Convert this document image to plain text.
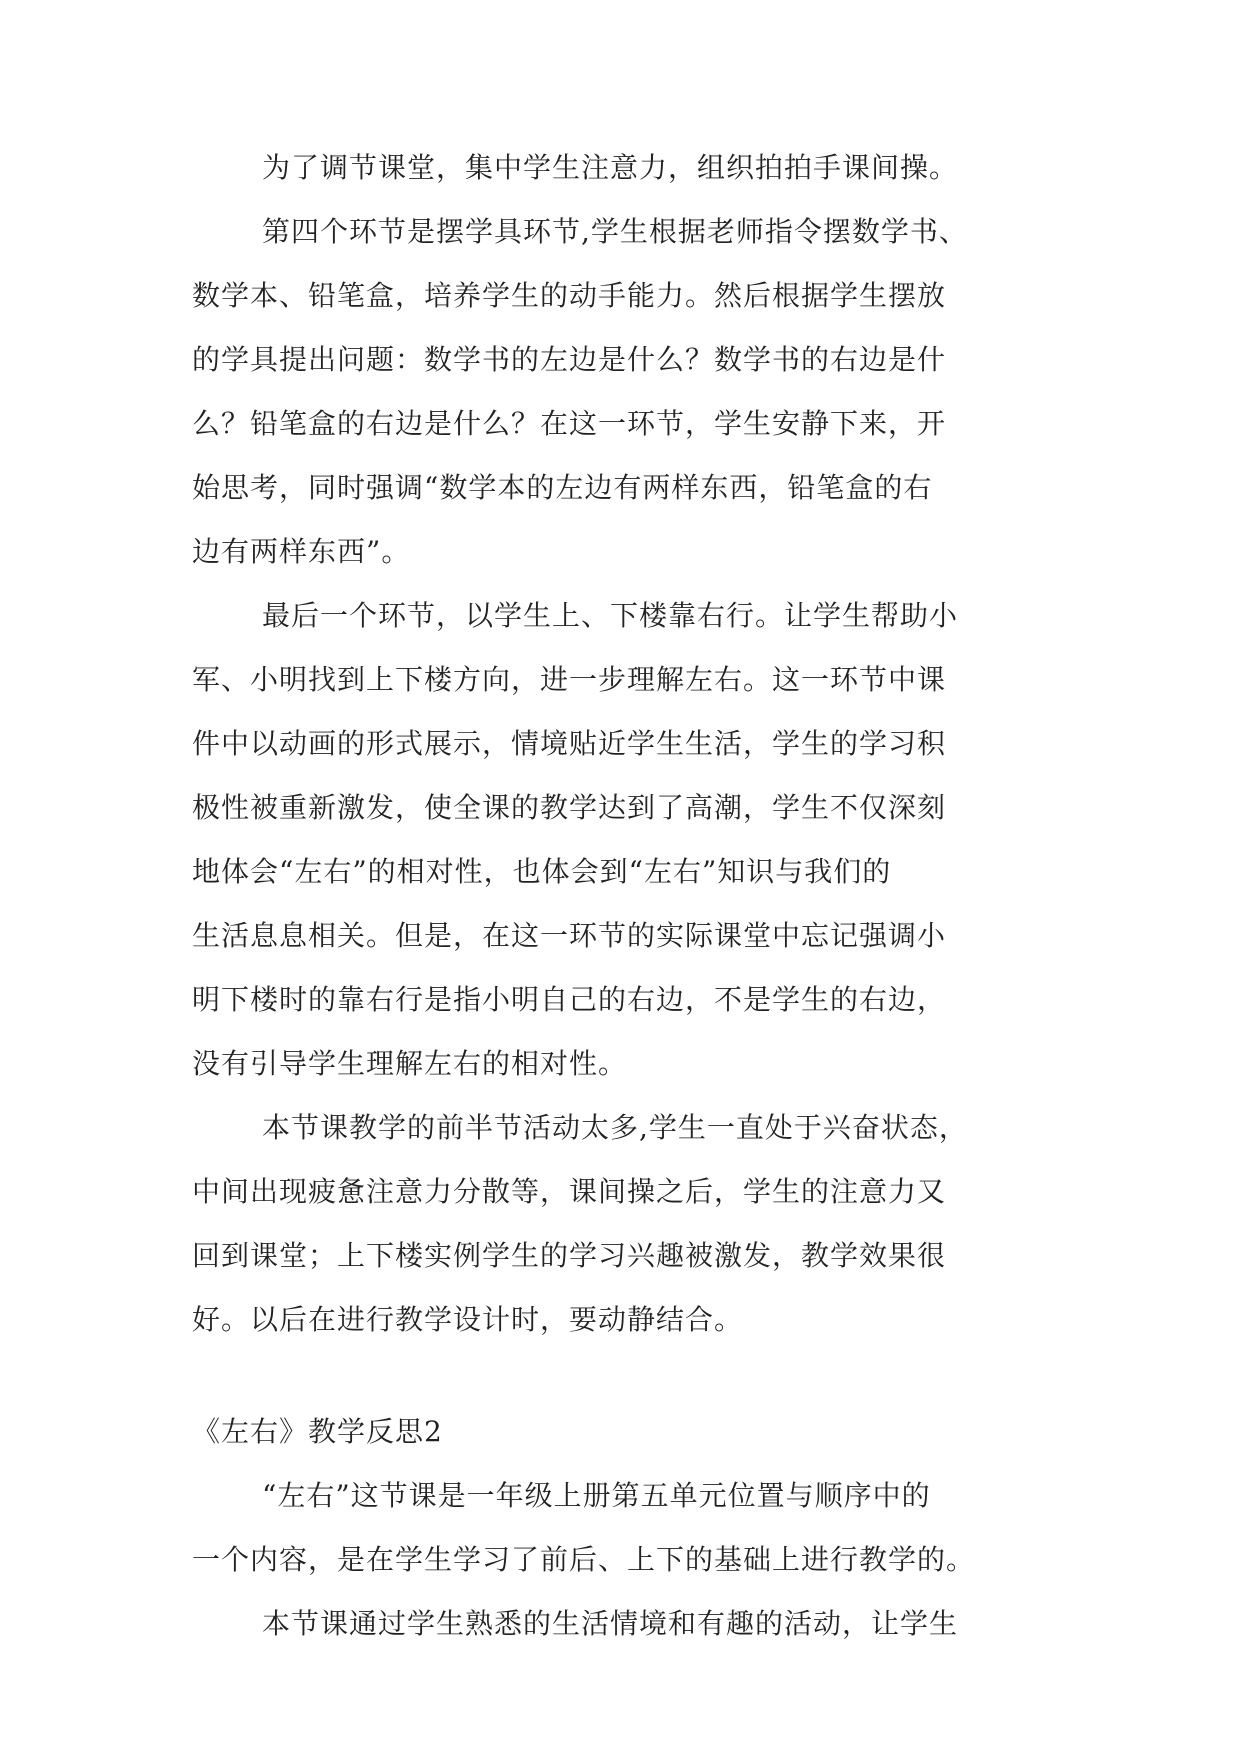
为了调节课堂，集中学生注意力，组织拍拍手课间操。
第四个环节是摆学具环节,学生根据老师指令摆数学书、
数学本、铅笔盒，培养学生的动手能力。然后根据学生摆放
的学具提出问题：数学书的左边是什么？数学书的右边是什
么？铅笔盒的右边是什么？在这一环节，学生安静下来，开
始思考，同时强调“数学本的左边有两样东西，铅笔盒的右
边有两样东西”。
最后一个环节，以学生上、下楼靠右行。让学生帮助小
军、小明找到上下楼方向，进一步理解左右。这一环节中课
件中以动画的形式展示，情境贴近学生生活，学生的学习积
极性被重新激发，使全课的教学达到了高潮，学生不仅深刻
地体会“左右”的相对性，也体会到“左右”知识与我们的
生活息息相关。但是，在这一环节的实际课堂中忘记强调小
明下楼时的靠右行是指小明自己的右边，不是学生的右边，
没有引导学生理解左右的相对性。
本节课教学的前半节活动太多,学生一直处于兴奋状态，
中间出现疲惫注意力分散等，课间操之后，学生的注意力又
回到课堂；上下楼实例学生的学习兴趣被激发，教学效果很
好。以后在进行教学设计时，要动静结合。
《左右》教学反思2
“左右”这节课是一年级上册第五单元位置与顺序中的
一个内容，是在学生学习了前后、上下的基础上进行教学的。
本节课通过学生熟悉的生活情境和有趣的活动，让学生
